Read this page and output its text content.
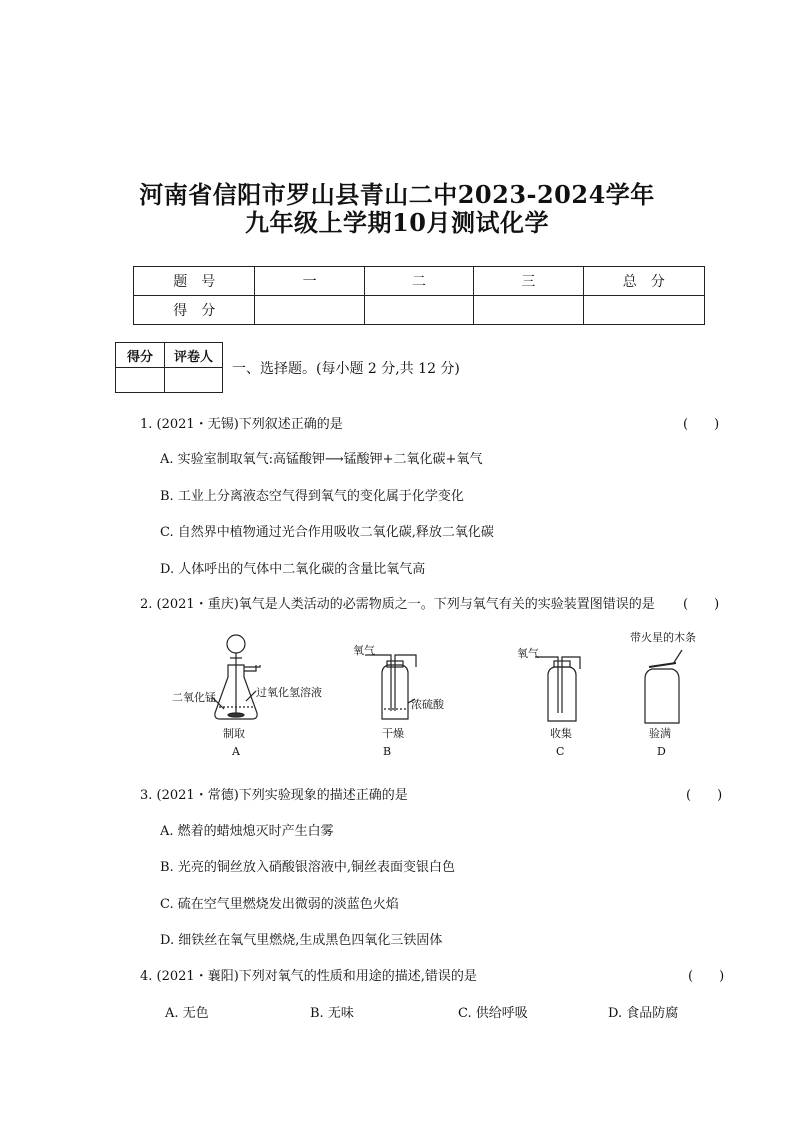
河南省信阳市罗山县青山二中2023-2024学年
九年级上学期10月测试化学
题　号	一	二	三	总　分
得　分				
得分	评卷人

一、选择题。(每小题 2 分,共 12 分)
1. (2021・无锡)下列叙述正确的是	(　　)
A. 实验室制取氧气:高锰酸钾⟶锰酸钾+二氧化碳+氧气
B. 工业上分离液态空气得到氧气的变化属于化学变化
C. 自然界中植物通过光合作用吸收二氧化碳,释放二氧化碳
D. 人体呼出的气体中二氧化碳的含量比氧气高
2. (2021・重庆)氧气是人类活动的必需物质之一。下列与氧气有关的实验装置图错误的是 (　　)
二氧化锰	过氧化氢溶液
制取
A
氧气
浓硫酸
干燥
B
氧气
收集
C
带火星的木条
验满
D
3. (2021・常德)下列实验现象的描述正确的是	(　　)
A. 燃着的蜡烛熄灭时产生白雾
B. 光亮的铜丝放入硝酸银溶液中,铜丝表面变银白色
C. 硫在空气里燃烧发出微弱的淡蓝色火焰
D. 细铁丝在氧气里燃烧,生成黑色四氧化三铁固体
4. (2021・襄阳)下列对氧气的性质和用途的描述,错误的是	(　　)
A. 无色	B. 无味	C. 供给呼吸	D. 食品防腐
